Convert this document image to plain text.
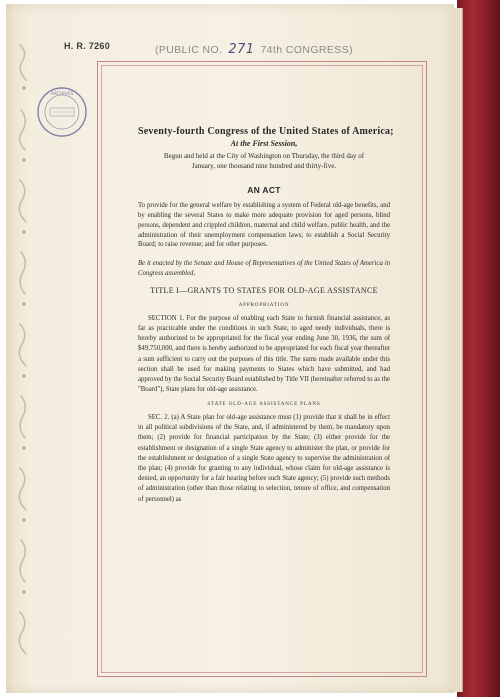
H. R. 7260	(PUBLIC NO. 271 74th CONGRESS)
ARCHIVES
Seventy-fourth Congress of the United States of America;
At the First Session,
Begun and held at the City of Washington on Thursday, the third day of January, one thousand nine hundred and thirty-five.
AN ACT
To provide for the general welfare by establishing a system of Federal old-age benefits, and by enabling the several States to make more adequate provision for aged persons, blind persons, dependent and crippled children, maternal and child welfare, public health, and the administration of their unemployment compensation laws; to establish a Social Security Board; to raise revenue; and for other purposes.
Be it enacted by the Senate and House of Representatives of the United States of America in Congress assembled,
TITLE I—GRANTS TO STATES FOR OLD-AGE ASSISTANCE
APPROPRIATION
SECTION 1. For the purpose of enabling each State to furnish financial assistance, as far as practicable under the conditions in such State, to aged needy individuals, there is hereby authorized to be appropriated for the fiscal year ending June 30, 1936, the sum of $49,750,000, and there is hereby authorized to be appropriated for each fiscal year thereafter a sum sufficient to carry out the purposes of this title. The sums made available under this section shall be used for making payments to States which have submitted, and had approved by the Social Security Board established by Title VII (hereinafter referred to as the "Board"), State plans for old-age assistance.
STATE OLD-AGE ASSISTANCE PLANS
SEC. 2. (a) A State plan for old-age assistance must (1) provide that it shall be in effect in all political subdivisions of the State, and, if administered by them, be mandatory upon them; (2) provide for financial participation by the State; (3) either provide for the establishment or designation of a single State agency to administer the plan, or provide for the establishment or designation of a single State agency to supervise the administration of the plan; (4) provide for granting to any individual, whose claim for old-age assistance is denied, an opportunity for a fair hearing before such State agency; (5) provide such methods of administration (other than those relating to selection, tenure of office, and compensation of personnel) as
